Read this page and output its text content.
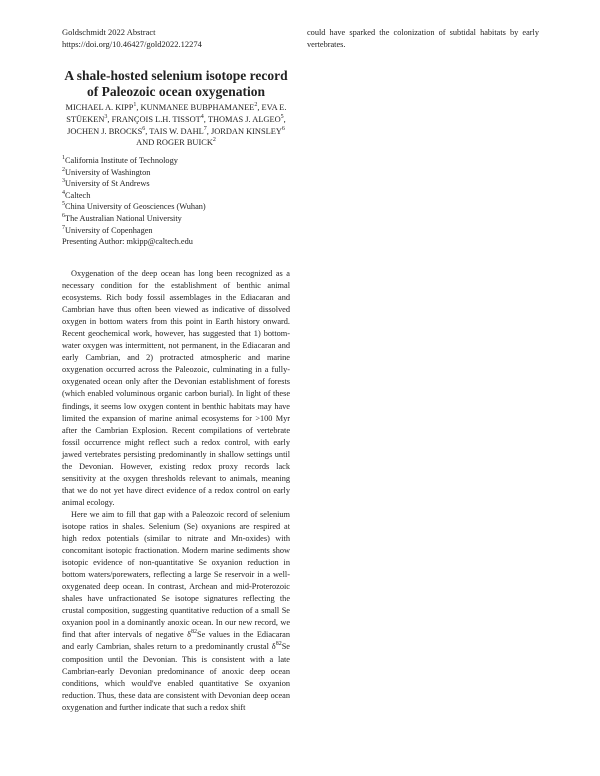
Goldschmidt 2022 Abstract
https://doi.org/10.46427/gold2022.12274
A shale-hosted selenium isotope record of Paleozoic ocean oxygenation
MICHAEL A. KIPP$^1$, KUNMANEE BUBPHAMANEE$^2$, EVA E. STÜEKEN$^3$, FRANÇOIS L.H. TISSOT$^4$, THOMAS J. ALGEO$^5$, JOCHEN J. BROCKS$^6$, TAIS W. DAHL$^7$, JORDAN KINSLEY$^6$ AND ROGER BUICK$^2$
$^1$California Institute of Technology
$^2$University of Washington
$^3$University of St Andrews
$^4$Caltech
$^5$China University of Geosciences (Wuhan)
$^6$The Australian National University
$^7$University of Copenhagen
Presenting Author: mkipp@caltech.edu

Oxygenation of the deep ocean has long been recognized as a necessary condition for the establishment of benthic animal ecosystems. Rich body fossil assemblages in the Ediacaran and Cambrian have thus often been viewed as indicative of dissolved oxygen in bottom waters from this point in Earth history onward. Recent geochemical work, however, has suggested that 1) bottom-water oxygen was intermittent, not permanent, in the Ediacaran and early Cambrian, and 2) protracted atmospheric and marine oxygenation occurred across the Paleozoic, culminating in a fully-oxygenated ocean only after the Devonian establishment of forests (which enabled voluminous organic carbon burial). In light of these findings, it seems low oxygen content in benthic habitats may have limited the expansion of marine animal ecosystems for >100 Myr after the Cambrian Explosion. Recent compilations of vertebrate fossil occurrence might reflect such a redox control, with early jawed vertebrates persisting predominantly in shallow settings until the Devonian. However, existing redox proxy records lack sensitivity at the oxygen thresholds relevant to animals, meaning that we do not yet have direct evidence of a redox control on early animal ecology.

Here we aim to fill that gap with a Paleozoic record of selenium isotope ratios in shales. Selenium (Se) oxyanions are respired at high redox potentials (similar to nitrate and Mn-oxides) with concomitant isotopic fractionation. Modern marine sediments show isotopic evidence of non-quantitative Se oxyanion reduction in bottom waters/porewaters, reflecting a large Se reservoir in a well-oxygenated deep ocean. In contrast, Archean and mid-Proterozoic shales have unfractionated Se isotope signatures reflecting the crustal composition, suggesting quantitative reduction of a small Se oxyanion pool in a dominantly anoxic ocean. In our new record, we find that after intervals of negative $\delta^{82}Se$ values in the Ediacaran and early Cambrian, shales return to a predominantly crustal $\delta^{82}Se$ composition until the Devonian. This is consistent with a late Cambrian-early Devonian predominance of anoxic deep ocean conditions, which would've enabled quantitative Se oxyanion reduction. Thus, these data are consistent with Devonian deep ocean oxygenation and further indicate that such a redox shift

could have sparked the colonization of subtidal habitats by early vertebrates.
